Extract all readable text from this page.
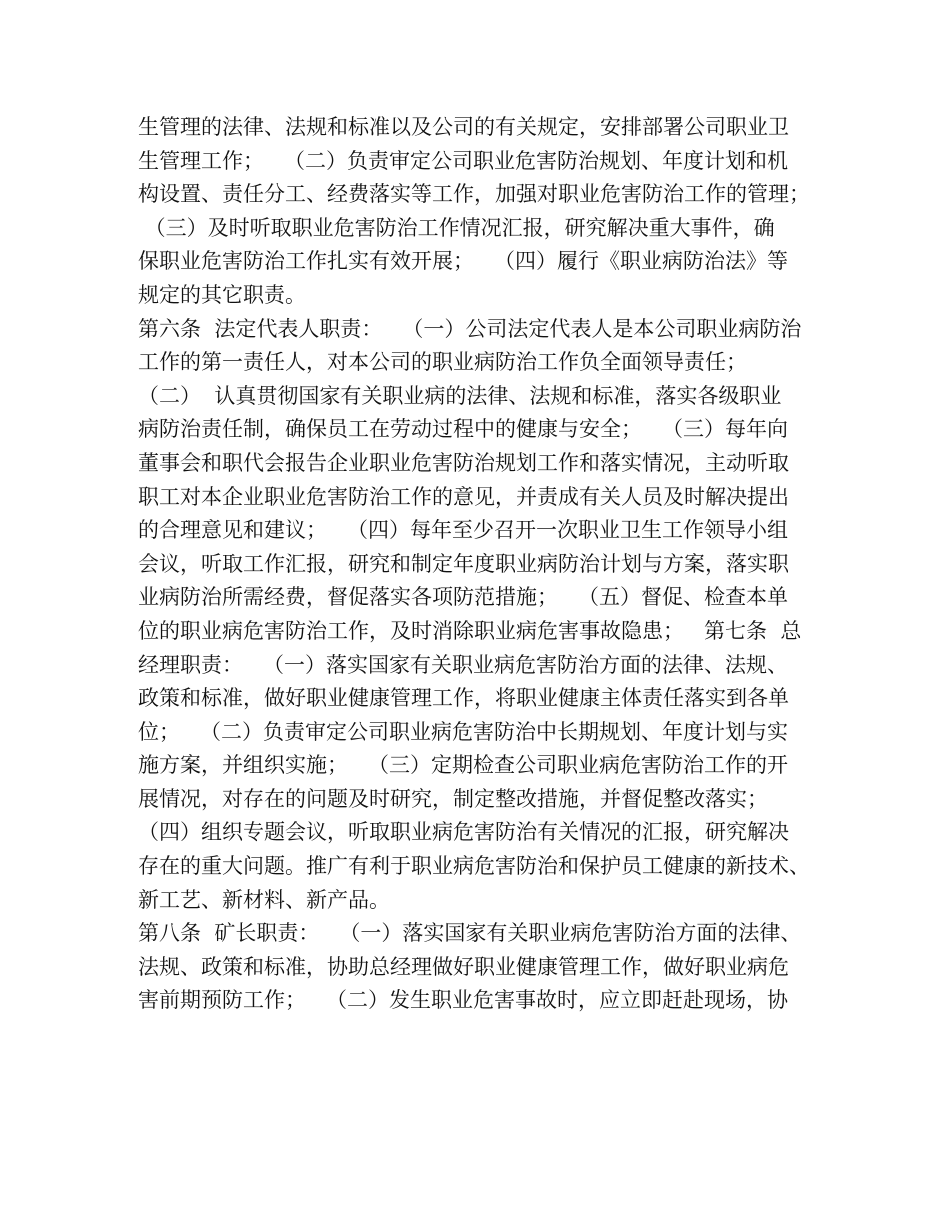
生管理的法律、法规和标准以及公司的有关规定，安排部署公司职业卫
生管理工作；   （二）负责审定公司职业危害防治规划、年度计划和机
构设置、责任分工、经费落实等工作，加强对职业危害防治工作的管理；
（三）及时听取职业危害防治工作情况汇报，研究解决重大事件，确
保职业危害防治工作扎实有效开展；   （四）履行《职业病防治法》等
规定的其它职责。
第六条  法定代表人职责：   （一）公司法定代表人是本公司职业病防治
工作的第一责任人，对本公司的职业病防治工作负全面领导责任；
（二）  认真贯彻国家有关职业病的法律、法规和标准，落实各级职业
病防治责任制，确保员工在劳动过程中的健康与安全；   （三）每年向
董事会和职代会报告企业职业危害防治规划工作和落实情况，主动听取
职工对本企业职业危害防治工作的意见，并责成有关人员及时解决提出
的合理意见和建议；   （四）每年至少召开一次职业卫生工作领导小组
会议，听取工作汇报，研究和制定年度职业病防治计划与方案，落实职
业病防治所需经费，督促落实各项防范措施；   （五）督促、检查本单
位的职业病危害防治工作，及时消除职业病危害事故隐患；   第七条  总
经理职责：   （一）落实国家有关职业病危害防治方面的法律、法规、
政策和标准，做好职业健康管理工作，将职业健康主体责任落实到各单
位；   （二）负责审定公司职业病危害防治中长期规划、年度计划与实
施方案，并组织实施；   （三）定期检查公司职业病危害防治工作的开
展情况，对存在的问题及时研究，制定整改措施，并督促整改落实；
（四）组织专题会议，听取职业病危害防治有关情况的汇报，研究解决
存在的重大问题。推广有利于职业病危害防治和保护员工健康的新技术、
新工艺、新材料、新产品。
第八条  矿长职责：   （一）落实国家有关职业病危害防治方面的法律、
法规、政策和标准，协助总经理做好职业健康管理工作，做好职业病危
害前期预防工作；   （二）发生职业危害事故时，应立即赶赴现场，协
